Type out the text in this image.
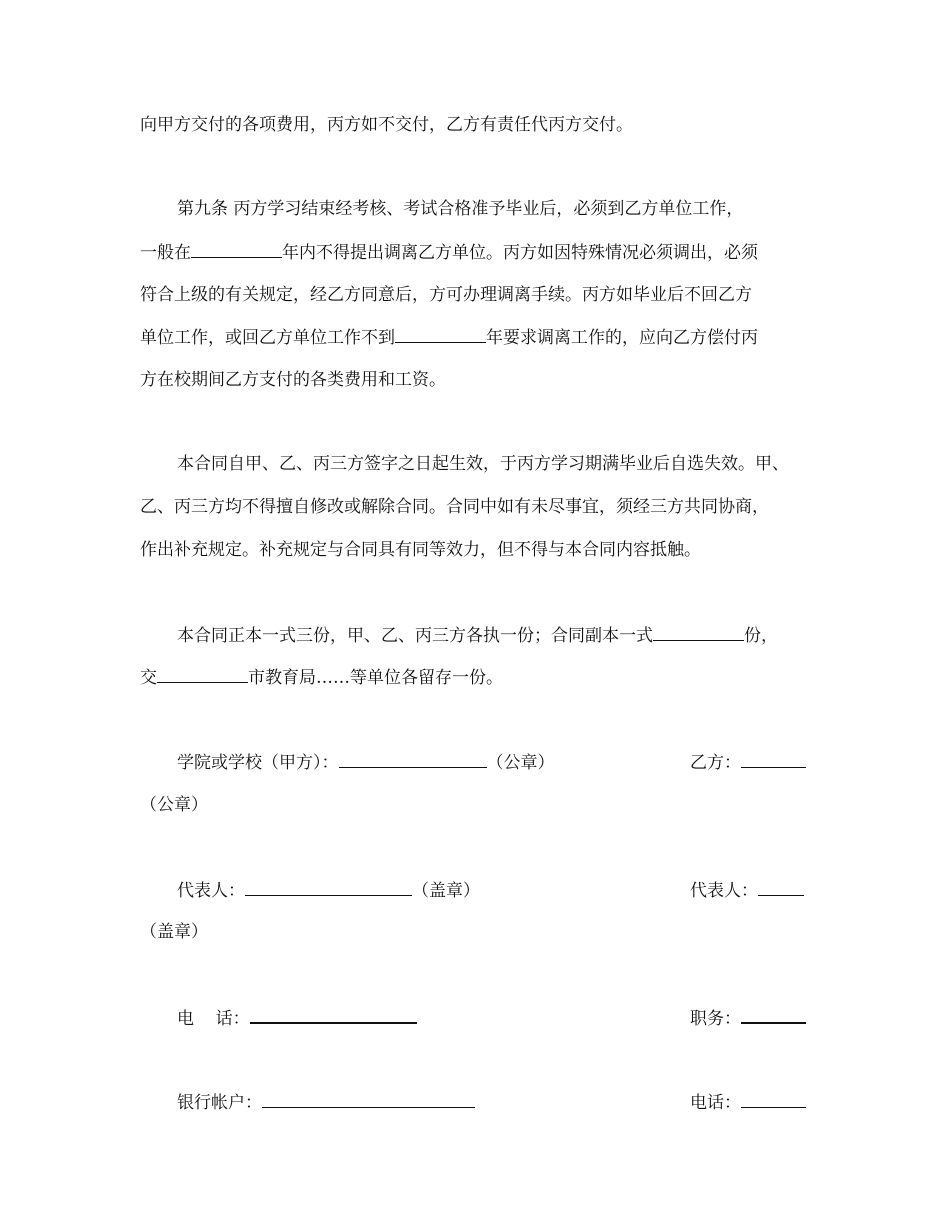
向甲方交付的各项费用，丙方如不交付，乙方有责任代丙方交付。
第九条 丙方学习结束经考核、考试合格准予毕业后，必须到乙方单位工作，
一般在	年内不得提出调离乙方单位。丙方如因特殊情况必须调出，必须
符合上级的有关规定，经乙方同意后，方可办理调离手续。丙方如毕业后不回乙方
单位工作，或回乙方单位工作不到	年要求调离工作的，应向乙方偿付丙
方在校期间乙方支付的各类费用和工资。
本合同自甲、乙、丙三方签字之日起生效，于丙方学习期满毕业后自选失效。甲、
乙、丙三方均不得擅自修改或解除合同。合同中如有未尽事宜，须经三方共同协商，
作出补充规定。补充规定与合同具有同等效力，但不得与本合同内容抵触。
本合同正本一式三份，甲、乙、丙三方各执一份；合同副本一式	份，
交	市教育局……等单位各留存一份。
学院或学校（甲方）：	（公章）	乙方：
（公章）
代表人：	（盖章）	代表人：
（盖章）
电    话：	职务：
银行帐户：	电话：
